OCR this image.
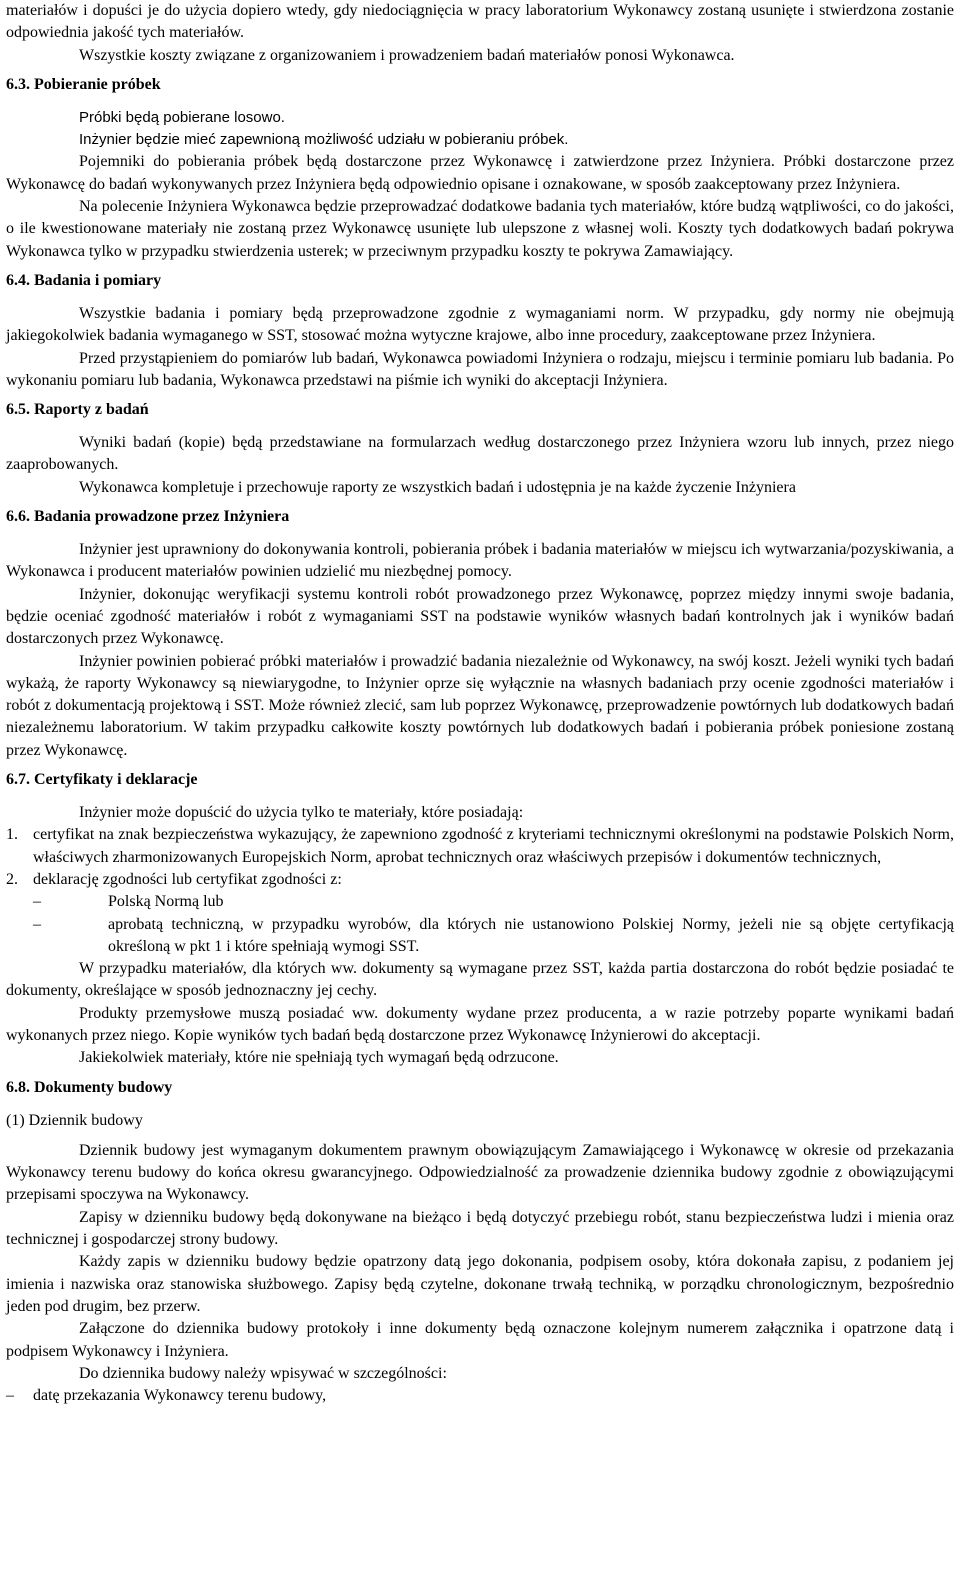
materiałów i dopuści je do użycia dopiero wtedy, gdy niedociągnięcia w pracy laboratorium Wykonawcy zostaną usunięte i stwierdzona zostanie odpowiednia jakość tych materiałów.

Wszystkie koszty związane z organizowaniem i prowadzeniem badań materiałów ponosi Wykonawca.

6.3. Pobieranie próbek

Próbki będą pobierane losowo.

Inżynier będzie mieć zapewnioną możliwość udziału w pobieraniu próbek.

Pojemniki do pobierania próbek będą dostarczone przez Wykonawcę i zatwierdzone przez Inżyniera. Próbki dostarczone przez Wykonawcę do badań wykonywanych przez Inżyniera będą odpowiednio opisane i oznakowane, w sposób zaakceptowany przez Inżyniera.

Na polecenie Inżyniera Wykonawca będzie przeprowadzać dodatkowe badania tych materiałów, które budzą wątpliwości, co do jakości, o ile kwestionowane materiały nie zostaną przez Wykonawcę usunięte lub ulepszone z własnej woli. Koszty tych dodatkowych badań pokrywa Wykonawca tylko w przypadku stwierdzenia usterek; w przeciwnym przypadku koszty te pokrywa Zamawiający.

6.4. Badania i pomiary

Wszystkie badania i pomiary będą przeprowadzone zgodnie z wymaganiami norm. W przypadku, gdy normy nie obejmują jakiegokolwiek badania wymaganego w SST, stosować można wytyczne krajowe, albo inne procedury, zaakceptowane przez Inżyniera.

Przed przystąpieniem do pomiarów lub badań, Wykonawca powiadomi Inżyniera o rodzaju, miejscu i terminie pomiaru lub badania. Po wykonaniu pomiaru lub badania, Wykonawca przedstawi na piśmie ich wyniki do akceptacji Inżyniera.

6.5. Raporty z badań

Wyniki badań (kopie) będą przedstawiane na formularzach według dostarczonego przez Inżyniera wzoru lub innych, przez niego zaaprobowanych.

Wykonawca kompletuje i przechowuje raporty ze wszystkich badań i udostępnia je na każde życzenie Inżyniera

6.6. Badania prowadzone przez Inżyniera

Inżynier jest uprawniony do dokonywania kontroli, pobierania próbek i badania materiałów w miejscu ich wytwarzania/pozyskiwania, a Wykonawca i producent materiałów powinien udzielić mu niezbędnej pomocy.

Inżynier, dokonując weryfikacji systemu kontroli robót prowadzonego przez Wykonawcę, poprzez między innymi swoje badania, będzie oceniać zgodność materiałów i robót z wymaganiami SST na podstawie wyników własnych badań kontrolnych jak i wyników badań dostarczonych przez Wykonawcę.

Inżynier powinien pobierać próbki materiałów i prowadzić badania niezależnie od Wykonawcy, na swój koszt. Jeżeli wyniki tych badań wykażą, że raporty Wykonawcy są niewiarygodne, to Inżynier oprze się wyłącznie na własnych badaniach przy ocenie zgodności materiałów i robót z dokumentacją projektową i SST. Może również zlecić, sam lub poprzez Wykonawcę, przeprowadzenie powtórnych lub dodatkowych badań niezależnemu laboratorium. W takim przypadku całkowite koszty powtórnych lub dodatkowych badań i pobierania próbek poniesione zostaną przez Wykonawcę.

6.7. Certyfikaty i deklaracje

Inżynier może dopuścić do użycia tylko te materiały, które posiadają:

1. certyfikat na znak bezpieczeństwa wykazujący, że zapewniono zgodność z kryteriami technicznymi określonymi na podstawie Polskich Norm, właściwych zharmonizowanych Europejskich Norm, aprobat technicznych oraz właściwych przepisów i dokumentów technicznych,
2. deklarację zgodności lub certyfikat zgodności z:
–	Polską Normą lub
–	aprobatą techniczną, w przypadku wyrobów, dla których nie ustanowiono Polskiej Normy, jeżeli nie są objęte certyfikacją określoną w pkt 1 i które spełniają wymogi SST.

W przypadku materiałów, dla których ww. dokumenty są wymagane przez SST, każda partia dostarczona do robót będzie posiadać te dokumenty, określające w sposób jednoznaczny jej cechy.

Produkty przemysłowe muszą posiadać ww. dokumenty wydane przez producenta, a w razie potrzeby poparte wynikami badań wykonanych przez niego. Kopie wyników tych badań będą dostarczone przez Wykonawcę Inżynierowi do akceptacji.

Jakiekolwiek materiały, które nie spełniają tych wymagań będą odrzucone.

6.8. Dokumenty budowy

(1) Dziennik budowy

Dziennik budowy jest wymaganym dokumentem prawnym obowiązującym Zamawiającego i Wykonawcę w okresie od przekazania Wykonawcy terenu budowy do końca okresu gwarancyjnego. Odpowiedzialność za prowadzenie dziennika budowy zgodnie z obowiązującymi przepisami spoczywa na Wykonawcy.

Zapisy w dzienniku budowy będą dokonywane na bieżąco i będą dotyczyć przebiegu robót, stanu bezpieczeństwa ludzi i mienia oraz technicznej i gospodarczej strony budowy.

Każdy zapis w dzienniku budowy będzie opatrzony datą jego dokonania, podpisem osoby, która dokonała zapisu, z podaniem jej imienia i nazwiska oraz stanowiska służbowego. Zapisy będą czytelne, dokonane trwałą techniką, w porządku chronologicznym, bezpośrednio jeden pod drugim, bez przerw.

Załączone do dziennika budowy protokoły i inne dokumenty będą oznaczone kolejnym numerem załącznika i opatrzone datą i podpisem Wykonawcy i Inżyniera.

Do dziennika budowy należy wpisywać w szczególności:

–	datę przekazania Wykonawcy terenu budowy,
